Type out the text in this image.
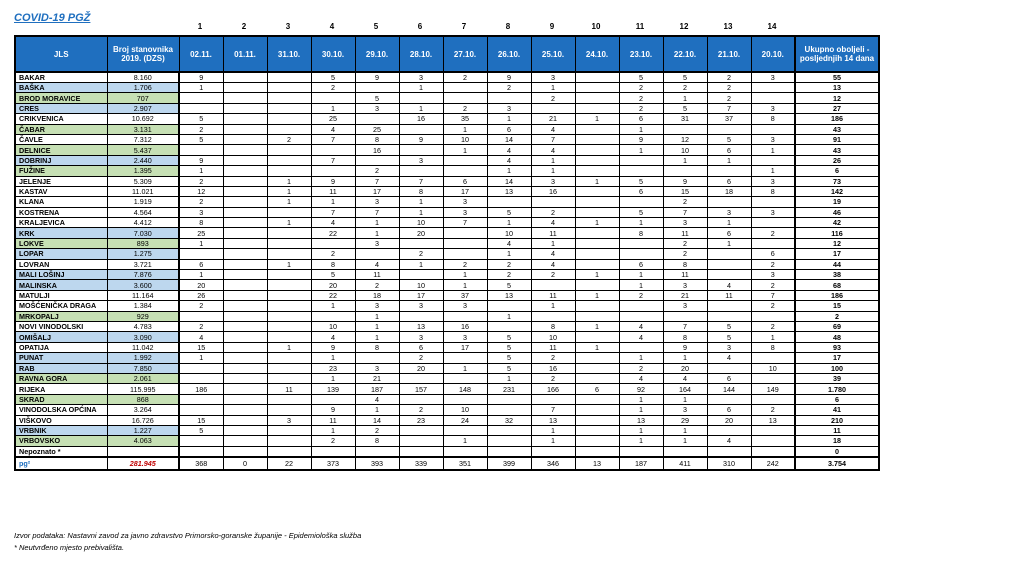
COVID-19 PGŽ
1	2	3	4	5	6	7	8	9	10	11	12	13	14
JLS	Broj stanovnika 2019. (DZS)	02.11.	01.11.	31.10.	30.10.	29.10.	28.10.	27.10.	26.10.	25.10.	24.10.	23.10.	22.10.	21.10.	20.10.	Ukupno oboljeli - posljednjih 14 dana
BAKAR	8.160	9			5	9	3	2	9	3		5	5	2	3	55
BAŠKA	1.706	1			2		1		2	1		2	2	2		13
BROD MORAVICE	707					5				2		2	1	2		12
CRES	2.907				1	3	1	2	3			2	5	7	3	27
CRIKVENICA	10.692	5			25		16	35	1	21	1	6	31	37	8	186
ČABAR	3.131	2			4	25		1	6	4		1				43
ČAVLE	7.312	5		2	7	8	9	10	14	7		9	12	5	3	91
DELNICE	5.437					16		1	4	4		1	10	6	1	43
DOBRINJ	2.440	9			7		3		4	1			1	1		26
FUŽINE	1.395	1				2			1	1					1	6
JELENJE	5.309	2		1	9	7	7	6	14	3	1	5	9	6	3	73
KASTAV	11.021	12		1	11	17	8	17	13	16		6	15	18	8	142
KLANA	1.919	2		1	1	3	1	3					2			19
KOSTRENA	4.564	3			7	7	1	3	5	2		5	7	3	3	46
KRALJEVICA	4.412	8		1	4	1	10	7	1	4	1	1	3	1		42
KRK	7.030	25			22	1	20		10	11		8	11	6	2	116
LOKVE	893	1				3			4	1			2	1		12
LOPAR	1.275				2		2		1	4			2		6	17
LOVRAN	3.721	6		1	8	4	1	2	2	4		6	8		2	44
MALI LOŠINJ	7.876	1			5	11		1	2	2	1	1	11		3	38
MALINSKA	3.600	20			20	2	10	1	5			1	3	4	2	68
MATULJI	11.164	26			22	18	17	37	13	11	1	2	21	11	7	186
MOŠĆENIČKA DRAGA	1.384	2			1	3	3	3		1			3		2	15
MRKOPALJ	929					1			1							2
NOVI VINODOLSKI	4.783	2			10	1	13	16		8	1	4	7	5	2	69
OMIŠALJ	3.090	4			4	1	3	3	5	10		4	8	5	1	48
OPATIJA	11.042	15		1	9	8	6	17	5	11	1		9	3	8	93
PUNAT	1.992	1			1		2		5	2		1	1	4		17
RAB	7.850				23	3	20	1	5	16		2	20		10	100
RAVNA GORA	2.061				1	21			1	2		4	4	6		39
RIJEKA	115.995	186		11	139	187	157	148	231	166	6	92	164	144	149	1.780
SKRAD	868					4						1	1			6
VINODOLSKA OPĆINA	3.264				9	1	2	10		7		1	3	6	2	41
VIŠKOVO	16.726	15		3	11	14	23	24	32	13		13	29	20	13	210
VRBNIK	1.227	5			1	2				1		1	1			11
VRBOVSKO	4.063				2	8		1		1		1	1	4		18
Nepoznato *																0
pg²	281.945	368	0	22	373	393	339	351	399	346	13	187	411	310	242	3.754
Izvor podataka: Nastavni zavod za javno zdravstvo Primorsko-goranske županije - Epidemiološka služba
* Neutvrđeno mjesto prebivališta.
